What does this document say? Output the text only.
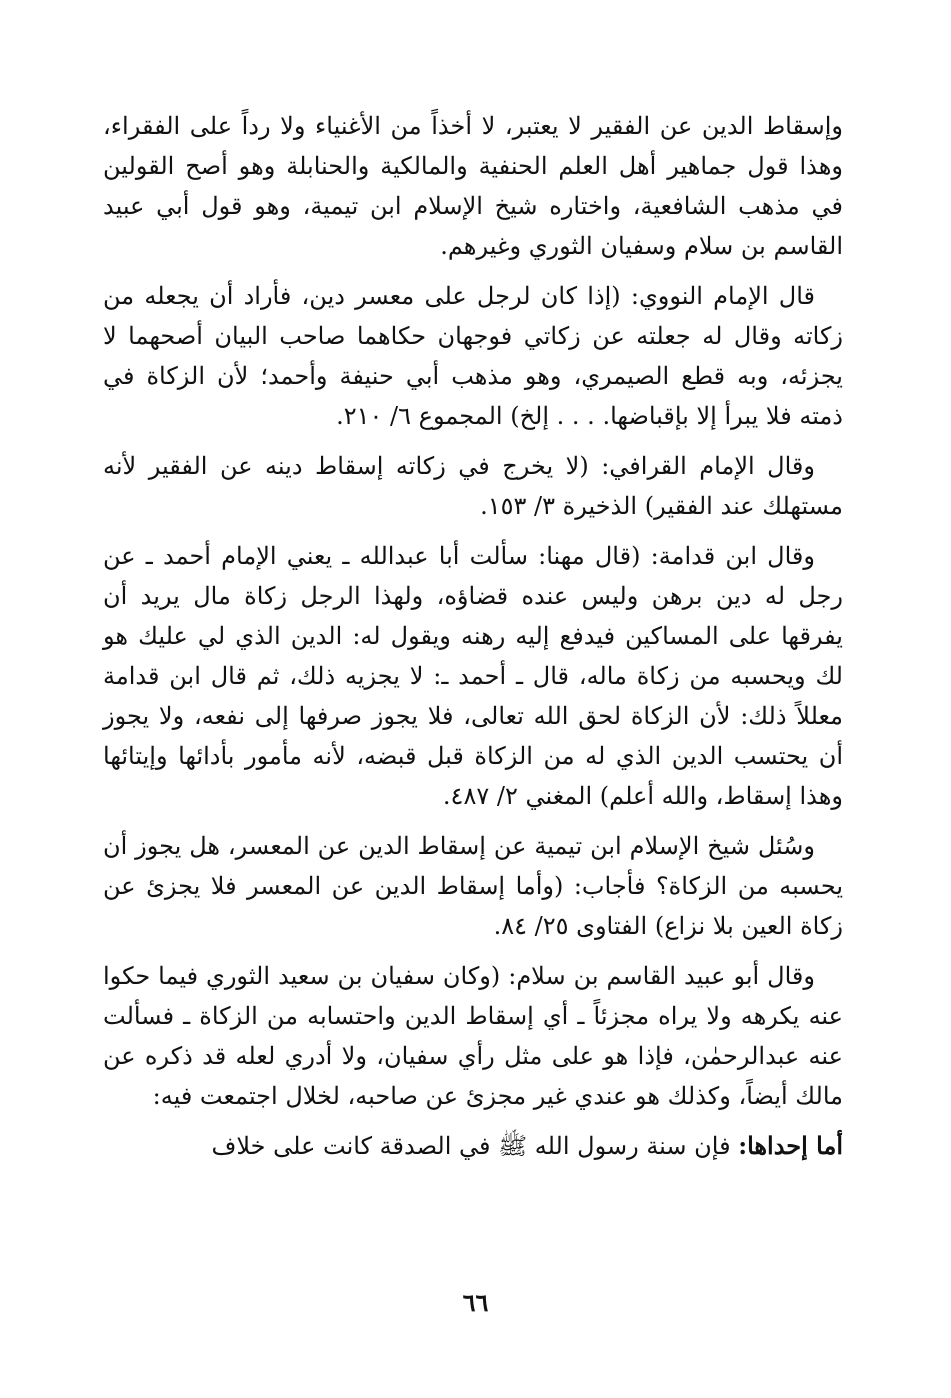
وإسقاط الدين عن الفقير لا يعتبر، لا أخذاً من الأغنياء ولا رداً على الفقراء، وهذا قول جماهير أهل العلم الحنفية والمالكية والحنابلة وهو أصح القولين في مذهب الشافعية، واختاره شيخ الإسلام ابن تيمية، وهو قول أبي عبيد القاسم بن سلام وسفيان الثوري وغيرهم.

قال الإمام النووي: (إذا كان لرجل على معسر دين، فأراد أن يجعله من زكاته وقال له جعلته عن زكاتي فوجهان حكاهما صاحب البيان أصحهما لا يجزئه، وبه قطع الصيمري، وهو مذهب أبي حنيفة وأحمد؛ لأن الزكاة في ذمته فلا يبرأ إلا بإقباضها. . . . إلخ) المجموع ٦/ ٢١٠.

وقال الإمام القرافي: (لا يخرج في زكاته إسقاط دينه عن الفقير لأنه مستهلك عند الفقير) الذخيرة ٣/ ١٥٣.

وقال ابن قدامة: (قال مهنا: سألت أبا عبدالله ـ يعني الإمام أحمد ـ عن رجل له دين برهن وليس عنده قضاؤه، ولهذا الرجل زكاة مال يريد أن يفرقها على المساكين فيدفع إليه رهنه ويقول له: الدين الذي لي عليك هو لك ويحسبه من زكاة ماله، قال ـ أحمد ـ: لا يجزيه ذلك، ثم قال ابن قدامة معللاً ذلك: لأن الزكاة لحق الله تعالى، فلا يجوز صرفها إلى نفعه، ولا يجوز أن يحتسب الدين الذي له من الزكاة قبل قبضه، لأنه مأمور بأدائها وإيتائها وهذا إسقاط، والله أعلم) المغني ٢/ ٤٨٧.

وسُئل شيخ الإسلام ابن تيمية عن إسقاط الدين عن المعسر، هل يجوز أن يحسبه من الزكاة؟ فأجاب: (وأما إسقاط الدين عن المعسر فلا يجزئ عن زكاة العين بلا نزاع) الفتاوى ٢٥/ ٨٤.

وقال أبو عبيد القاسم بن سلام: (وكان سفيان بن سعيد الثوري فيما حكوا عنه يكرهه ولا يراه مجزئاً ـ أي إسقاط الدين واحتسابه من الزكاة ـ فسألت عنه عبدالرحمٰن، فإذا هو على مثل رأي سفيان، ولا أدري لعله قد ذكره عن مالك أيضاً، وكذلك هو عندي غير مجزئ عن صاحبه، لخلال اجتمعت فيه:

أما إحداها: فإن سنة رسول الله ﷺ في الصدقة كانت على خلاف

٦٦
